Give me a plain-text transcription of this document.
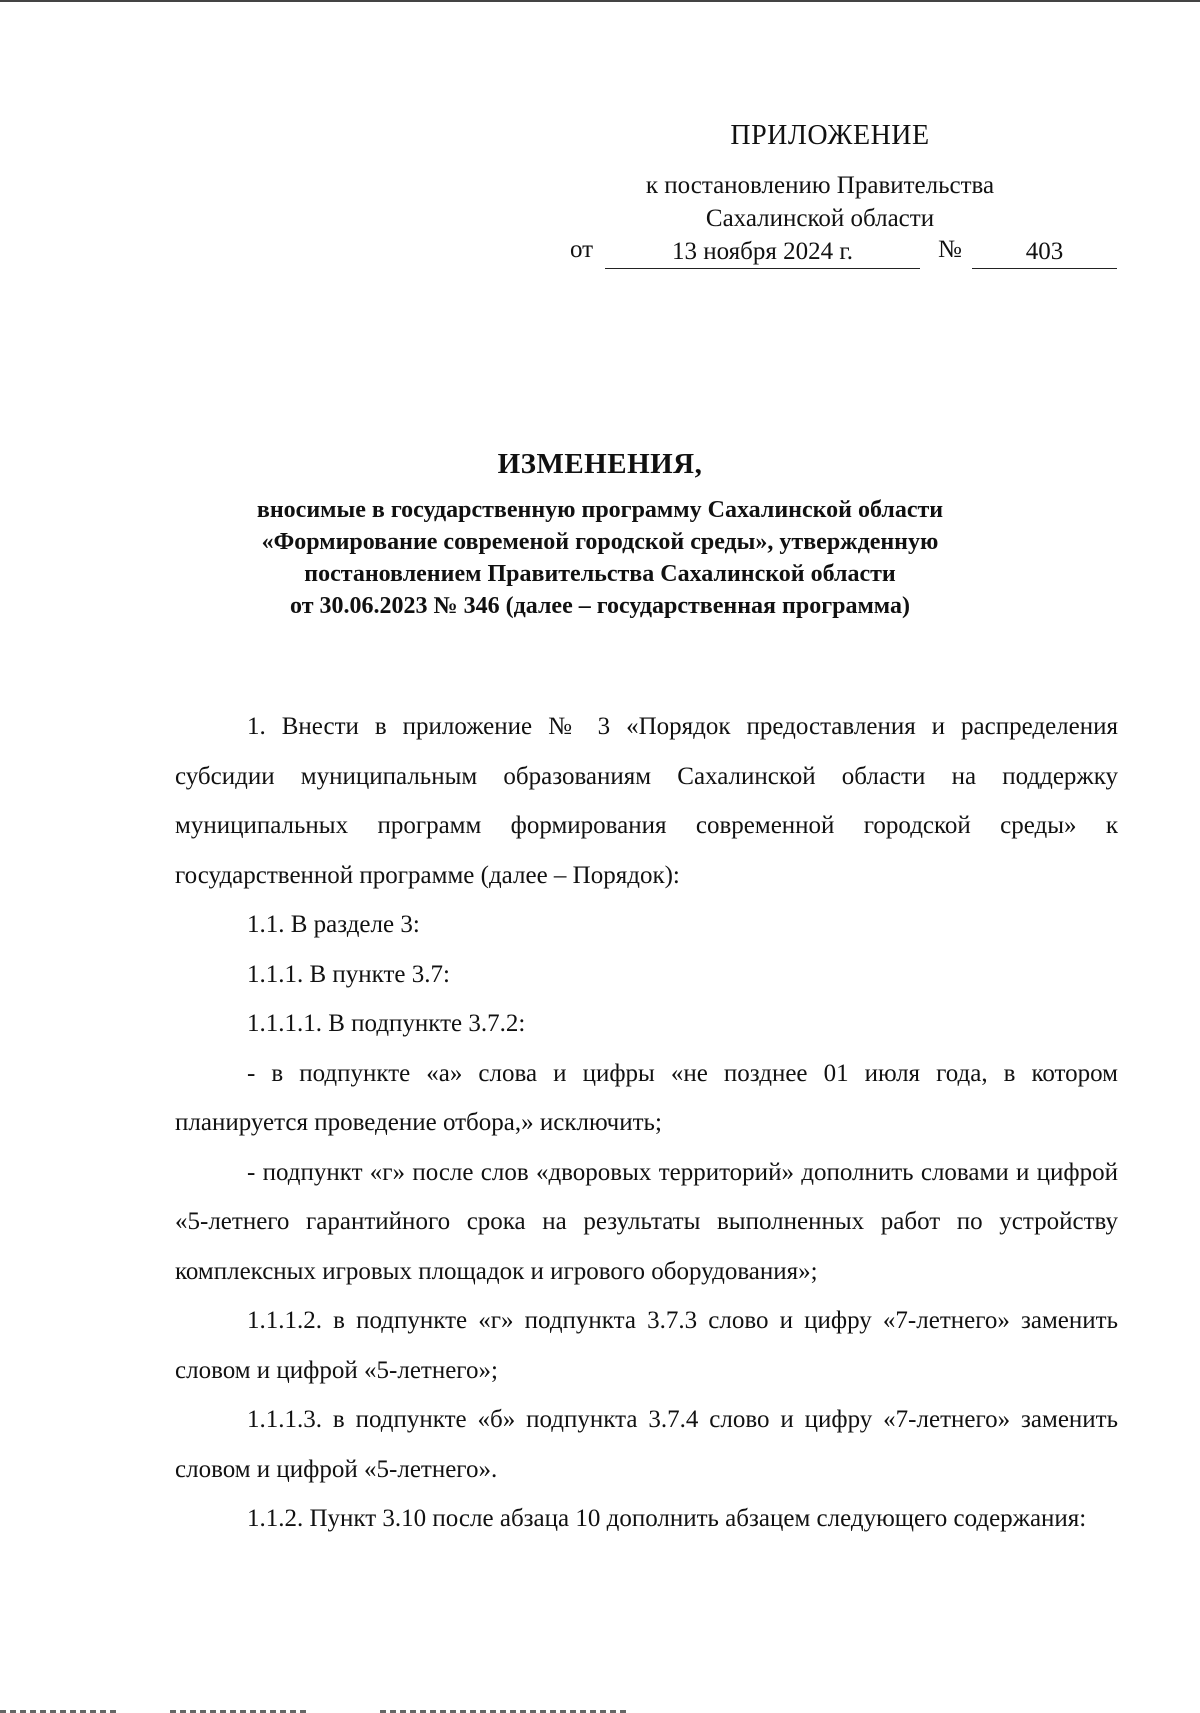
ПРИЛОЖЕНИЕ
к постановлению Правительства
Сахалинской области
от	13 ноября 2024 г.	№	403
ИЗМЕНЕНИЯ,
вносимые в государственную программу Сахалинской области
«Формирование современой городской среды», утвержденную
постановлением Правительства Сахалинской области
от 30.06.2023 № 346 (далее – государственная программа)

1. Внести в приложение № 3 «Порядок предоставления и распределения субсидии муниципальным образованиям Сахалинской области на поддержку муниципальных программ формирования современной городской среды» к государственной программе (далее – Порядок):

1.1. В разделе 3:

1.1.1. В пункте 3.7:

1.1.1.1. В подпункте 3.7.2:

- в подпункте «а» слова и цифры «не позднее 01 июля года, в котором планируется проведение отбора,» исключить;

- подпункт «г» после слов «дворовых территорий» дополнить словами и цифрой «5-летнего гарантийного срока на результаты выполненных работ по устройству комплексных игровых площадок и игрового оборудования»;

1.1.1.2. в подпункте «г» подпункта 3.7.3 слово и цифру «7-летнего» заменить словом и цифрой «5-летнего»;

1.1.1.3. в подпункте «б» подпункта 3.7.4 слово и цифру «7-летнего» заменить словом и цифрой «5-летнего».

1.1.2. Пункт 3.10 после абзаца 10 дополнить абзацем следующего содержания:
